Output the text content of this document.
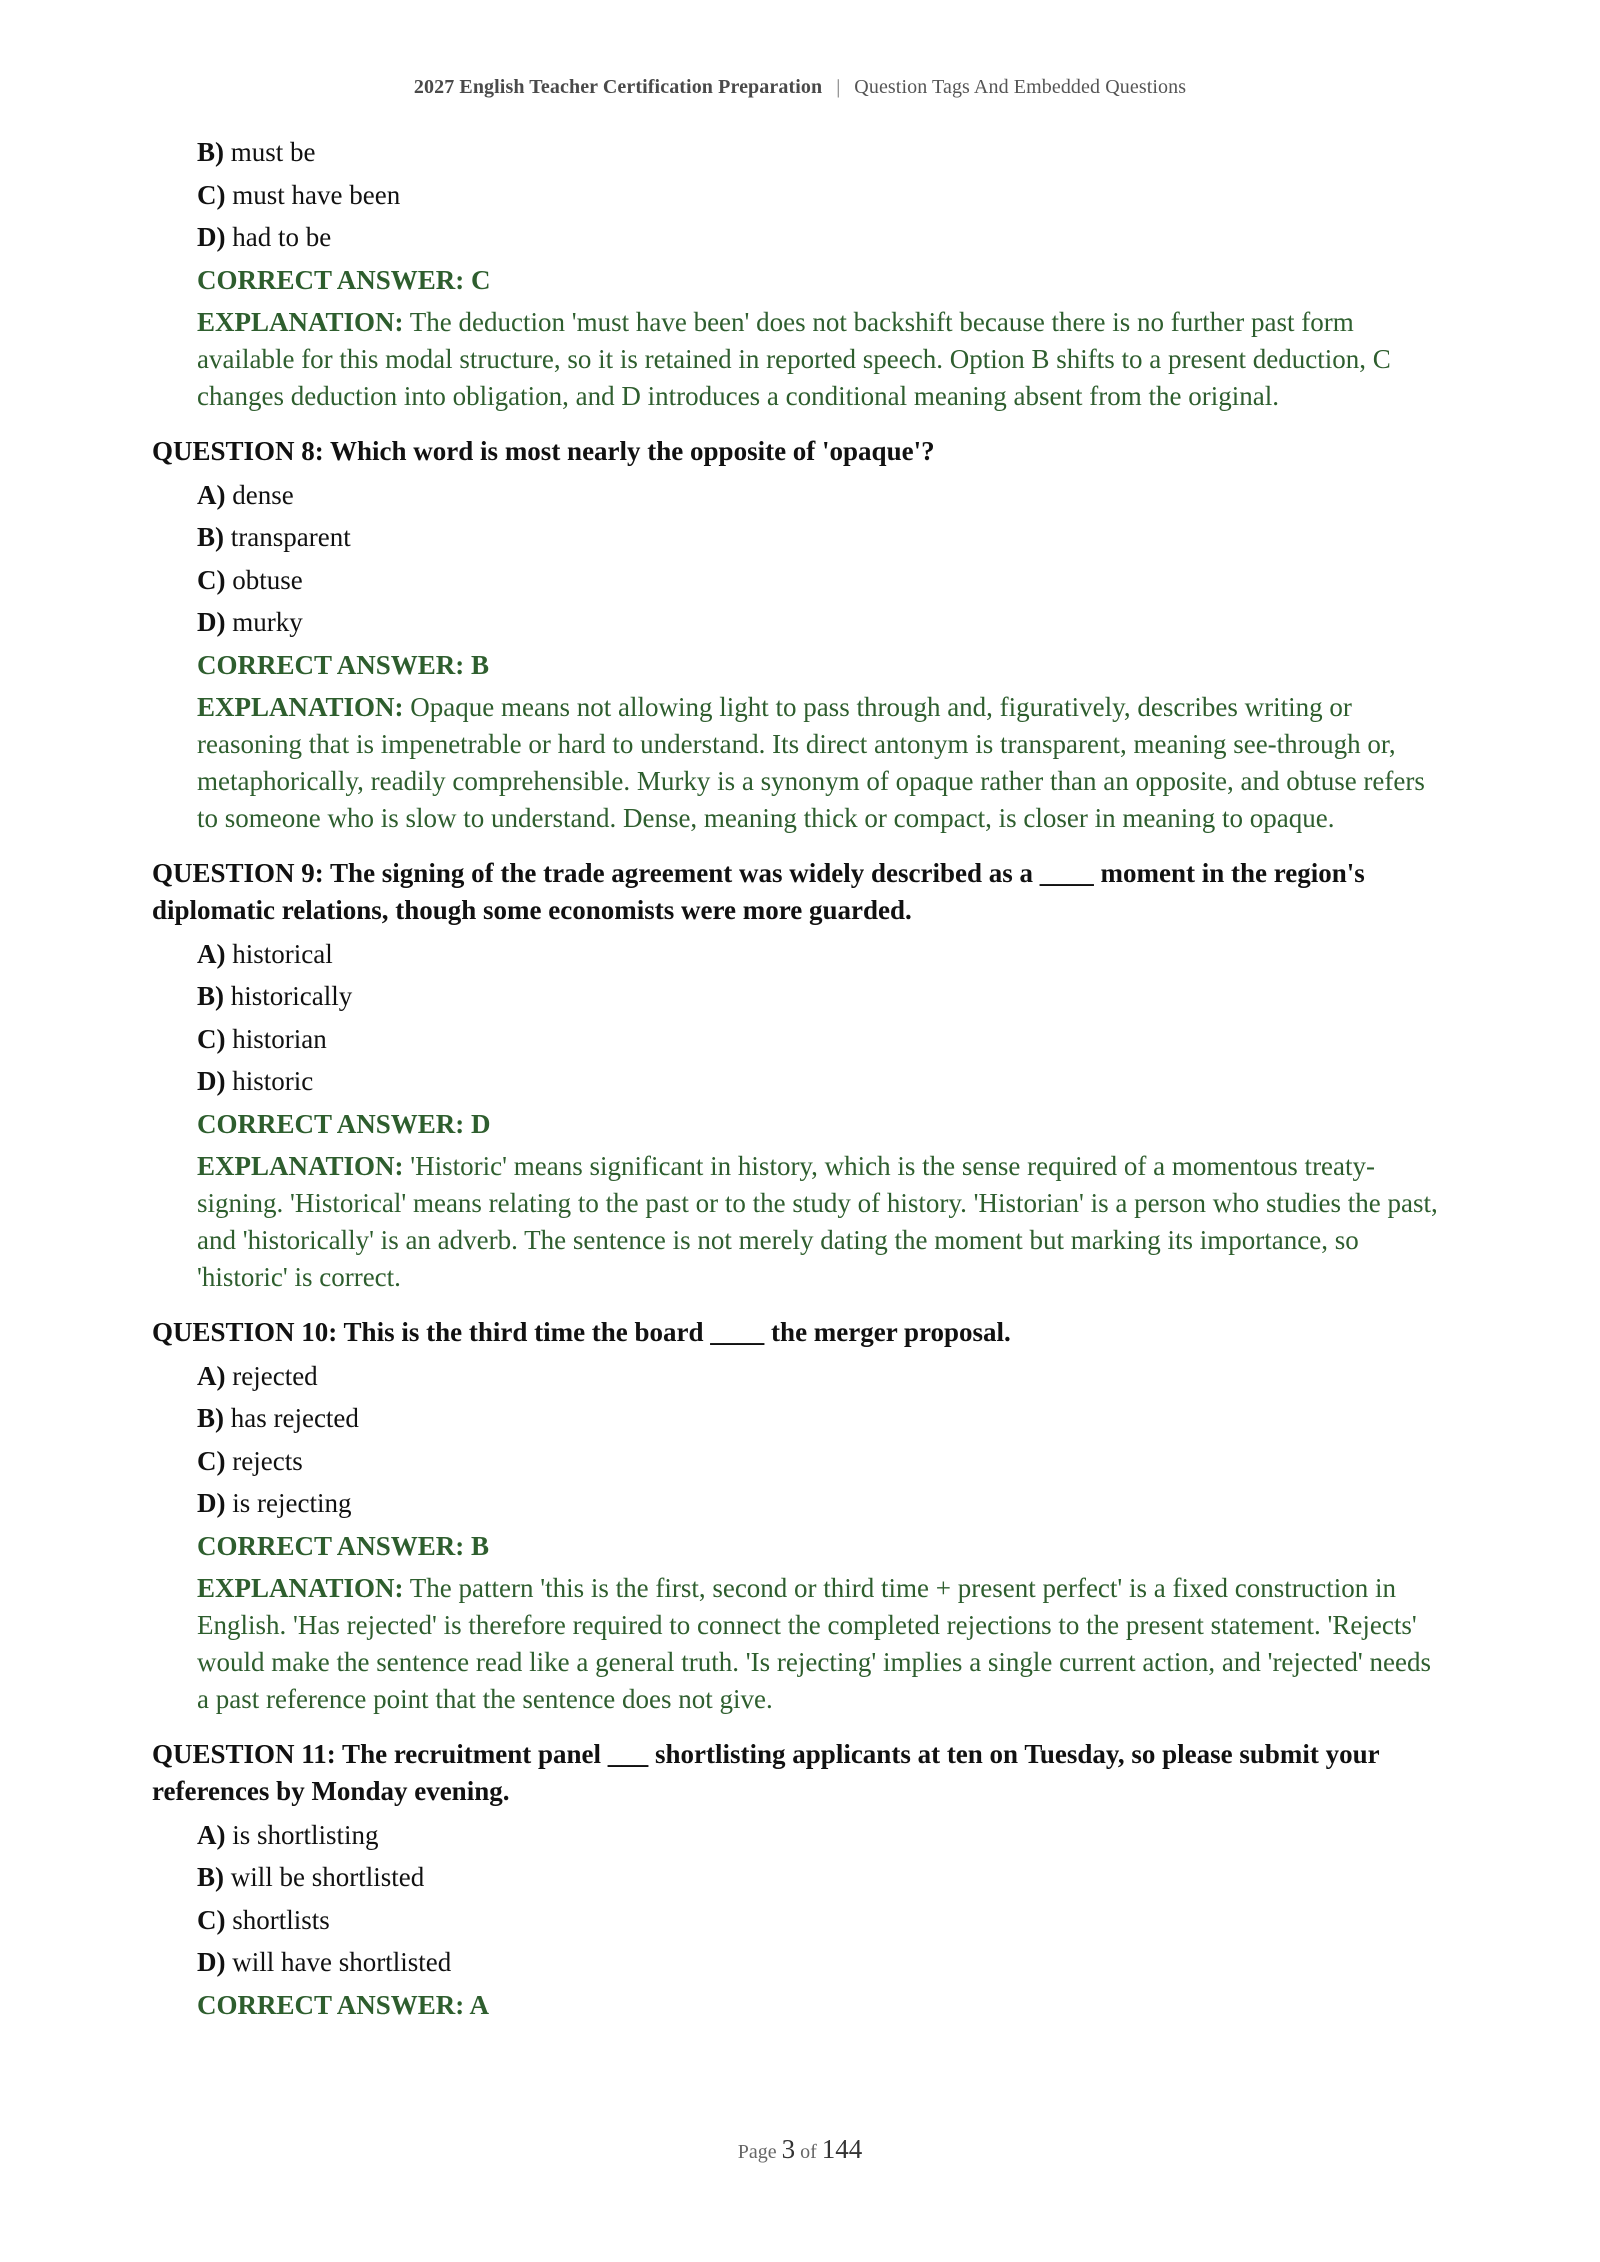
2027 English Teacher Certification Preparation | Question Tags And Embedded Questions
B) must be
C) must have been
D) had to be
CORRECT ANSWER: C
EXPLANATION: The deduction 'must have been' does not backshift because there is no further past form available for this modal structure, so it is retained in reported speech. Option B shifts to a present deduction, C changes deduction into obligation, and D introduces a conditional meaning absent from the original.
QUESTION 8: Which word is most nearly the opposite of 'opaque'?
A) dense
B) transparent
C) obtuse
D) murky
CORRECT ANSWER: B
EXPLANATION: Opaque means not allowing light to pass through and, figuratively, describes writing or reasoning that is impenetrable or hard to understand. Its direct antonym is transparent, meaning see-through or, metaphorically, readily comprehensible. Murky is a synonym of opaque rather than an opposite, and obtuse refers to someone who is slow to understand. Dense, meaning thick or compact, is closer in meaning to opaque.
QUESTION 9: The signing of the trade agreement was widely described as a ____ moment in the region's diplomatic relations, though some economists were more guarded.
A) historical
B) historically
C) historian
D) historic
CORRECT ANSWER: D
EXPLANATION: 'Historic' means significant in history, which is the sense required of a momentous treaty-signing. 'Historical' means relating to the past or to the study of history. 'Historian' is a person who studies the past, and 'historically' is an adverb. The sentence is not merely dating the moment but marking its importance, so 'historic' is correct.
QUESTION 10: This is the third time the board ____ the merger proposal.
A) rejected
B) has rejected
C) rejects
D) is rejecting
CORRECT ANSWER: B
EXPLANATION: The pattern 'this is the first, second or third time + present perfect' is a fixed construction in English. 'Has rejected' is therefore required to connect the completed rejections to the present statement. 'Rejects' would make the sentence read like a general truth. 'Is rejecting' implies a single current action, and 'rejected' needs a past reference point that the sentence does not give.
QUESTION 11: The recruitment panel ___ shortlisting applicants at ten on Tuesday, so please submit your references by Monday evening.
A) is shortlisting
B) will be shortlisted
C) shortlists
D) will have shortlisted
CORRECT ANSWER: A
Page 3 of 144
